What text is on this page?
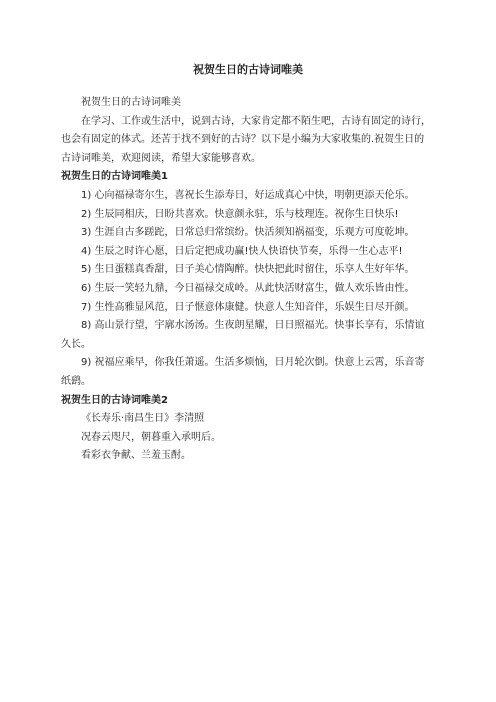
祝贺生日的古诗词唯美

祝贺生日的古诗词唯美

在学习、工作或生活中，说到古诗，大家肯定都不陌生吧，古诗有固定的诗行，也会有固定的体式。还苦于找不到好的古诗？以下是小编为大家收集的.祝贺生日的古诗词唯美，欢迎阅读，希望大家能够喜欢。

祝贺生日的古诗词唯美1

1) 心向福禄寄尔生，喜祝长生添寿日，好运成真心中快，明朝更添天伦乐。

2) 生辰同相庆，日盼共喜欢。快意颜永驻，乐与枝理连。祝你生日快乐!

3) 生涯自古多蹉跎，日常总归常缤纷。快活须知祸福变，乐观方可度乾坤。

4) 生辰之时许心愿，日后定把成功赢!快人快语快节奏，乐得一生心志平!

5) 生日蛋糕真香甜，日子美心情陶醉。快快把此时留住，乐享人生好年华。

6) 生辰一笑轻九鼎，今日福禄交成岭。从此快活财富生，做人欢乐皆由性。

7) 生性高雅显风范，日子惬意体康健。快意人生知音伴，乐娱生日尽开颜。

8) 高山景行望，宇廓水汤汤。生夜朗星耀，日日照福光。快事长享有，乐情谊久长。

9) 祝福应乘早，你我任萧遥。生活多烦恼，日月轮次倒。快意上云霄，乐音寄纸鹞。

祝贺生日的古诗词唯美2

《长寿乐·南昌生日》李清照

况春云咫尺，朝暮重入承明后。

看彩衣争献、兰羞玉酎。
